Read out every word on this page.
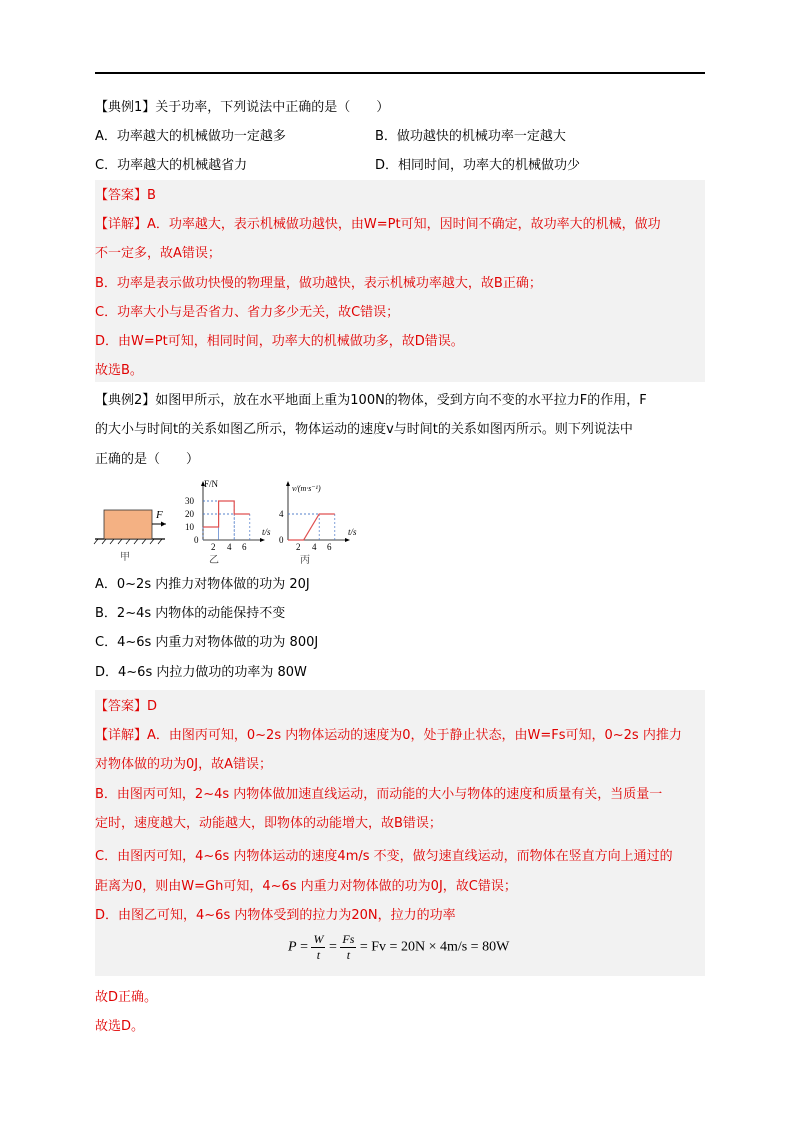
【典例1】关于功率，下列说法中正确的是（　　）
A．功率越大的机械做功一定越多	B．做功越快的机械功率一定越大
C．功率越大的机械越省力	D．相同时间，功率大的机械做功少
【答案】B
【详解】A．功率越大，表示机械做功越快，由W=Pt可知，因时间不确定，故功率大的机械，做功
不一定多，故A错误；
B．功率是表示做功快慢的物理量，做功越快，表示机械功率越大，故B正确；
C．功率大小与是否省力、省力多少无关，故C错误；
D．由W=Pt可知，相同时间，功率大的机械做功多，故D错误。
故选B。
【典例2】如图甲所示，放在水平地面上重为100N的物体，受到方向不变的水平拉力F的作用，F
的大小与时间t的关系如图乙所示，物体运动的速度v与时间t的关系如图丙所示。则下列说法中
正确的是（　　）
F
甲
F/N
t/s
30
20
10
0
2 4 6
乙
v/(m·s⁻¹)
t/s
4
0
2 4 6
丙
A．0~2s 内推力对物体做的功为 20J
B．2~4s 内物体的动能保持不变
C．4~6s 内重力对物体做的功为 800J
D．4~6s 内拉力做功的功率为 80W
【答案】D
【详解】A．由图丙可知，0~2s 内物体运动的速度为0，处于静止状态，由W=Fs可知，0~2s 内推力
对物体做的功为0J，故A错误；
B．由图丙可知，2~4s 内物体做加速直线运动，而动能的大小与物体的速度和质量有关，当质量一
定时，速度越大，动能越大，即物体的动能增大，故B错误；
C．由图丙可知，4~6s 内物体运动的速度4m/s 不变，做匀速直线运动，而物体在竖直方向上通过的
距离为0，则由W=Gh可知，4~6s 内重力对物体做的功为0J，故C错误；
D．由图乙可知，4~6s 内物体受到的拉力为20N，拉力的功率
$P = \frac{W}{t} = \frac{Fs}{t} = Fv = 20N \times 4m/s = 80W$
故D正确。
故选D。
